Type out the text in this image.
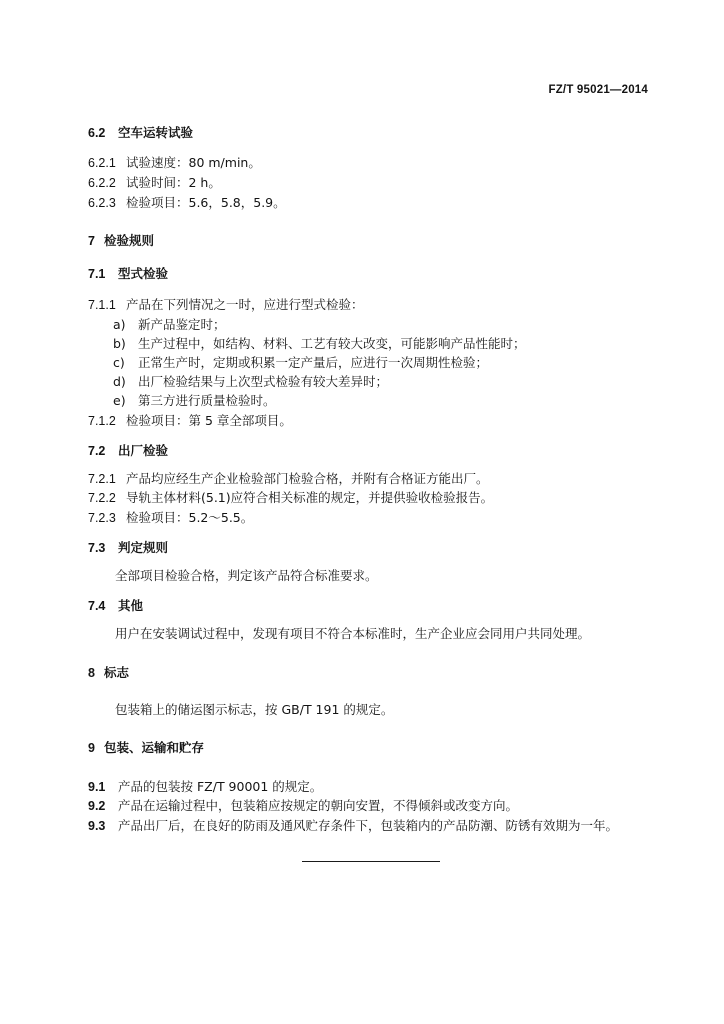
FZ/T 95021—2014
6.2 空车运转试验
6.2.1 试验速度：80 m/min。
6.2.2 试验时间：2 h。
6.2.3 检验项目：5.6，5.8，5.9。
7 检验规则
7.1 型式检验
7.1.1 产品在下列情况之一时，应进行型式检验：
a) 新产品鉴定时；
b) 生产过程中，如结构、材料、工艺有较大改变，可能影响产品性能时；
c) 正常生产时，定期或积累一定产量后，应进行一次周期性检验；
d) 出厂检验结果与上次型式检验有较大差异时；
e) 第三方进行质量检验时。
7.1.2 检验项目：第 5 章全部项目。
7.2 出厂检验
7.2.1 产品均应经生产企业检验部门检验合格，并附有合格证方能出厂。
7.2.2 导轨主体材料(5.1)应符合相关标准的规定，并提供验收检验报告。
7.2.3 检验项目：5.2～5.5。
7.3 判定规则
全部项目检验合格，判定该产品符合标准要求。
7.4 其他
用户在安装调试过程中，发现有项目不符合本标准时，生产企业应会同用户共同处理。
8 标志
包装箱上的储运图示标志，按 GB/T 191 的规定。
9 包装、运输和贮存
9.1 产品的包装按 FZ/T 90001 的规定。
9.2 产品在运输过程中，包装箱应按规定的朝向安置，不得倾斜或改变方向。
9.3 产品出厂后，在良好的防雨及通风贮存条件下，包装箱内的产品防潮、防锈有效期为一年。
